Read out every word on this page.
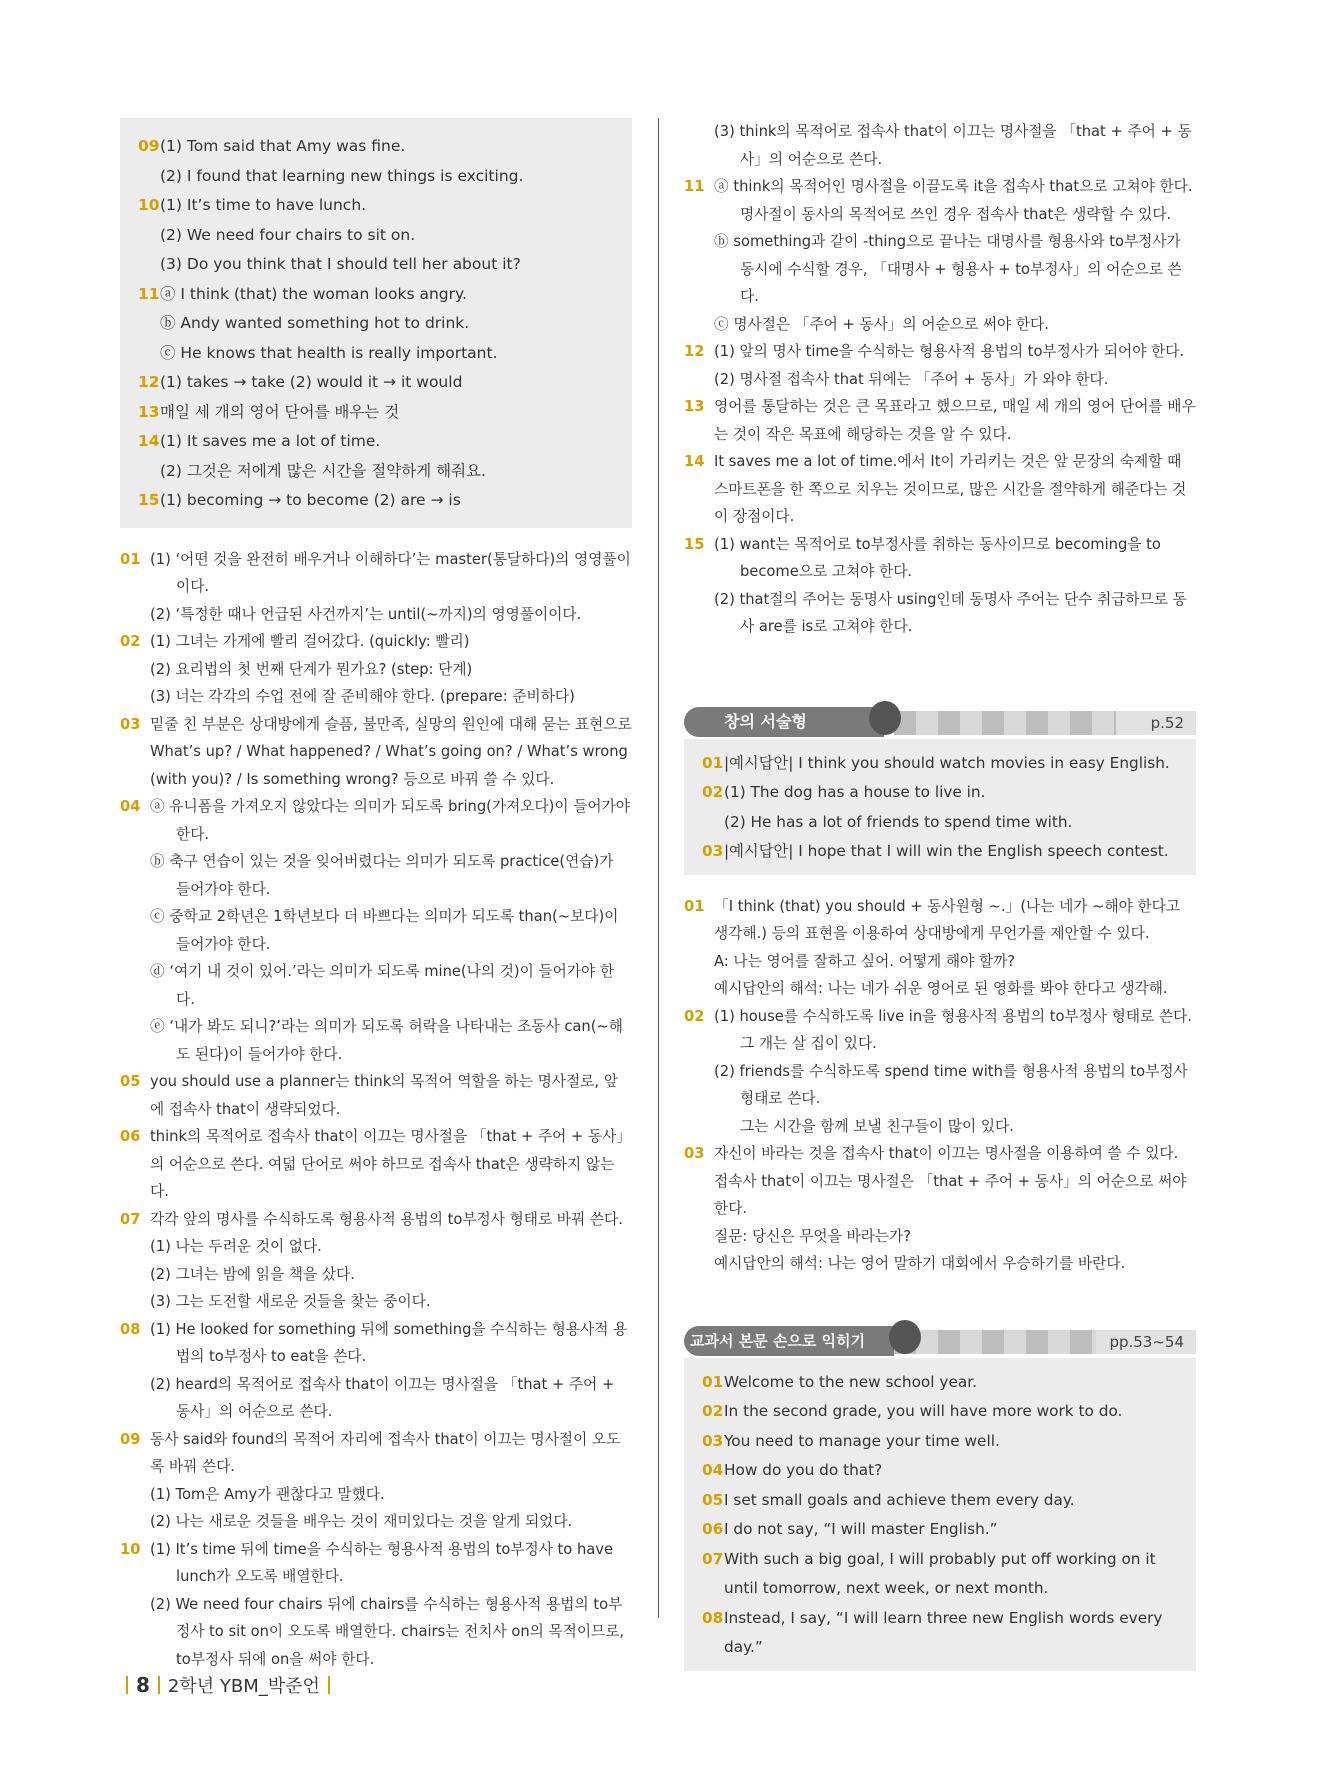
09 (1) Tom said that Amy was fine.
(2) I found that learning new things is exciting.
10 (1) It’s time to have lunch.
(2) We need four chairs to sit on.
(3) Do you think that I should tell her about it?
11 ⓐ I think (that) the woman looks angry.
ⓑ Andy wanted something hot to drink.
ⓒ He knows that health is really important.
12 (1) takes → take (2) would it → it would
13 매일 세 개의 영어 단어를 배우는 것
14 (1) It saves me a lot of time.
(2) 그것은 저에게 많은 시간을 절약하게 해줘요.
15 (1) becoming → to become (2) are → is
01 (1) ‘어떤 것을 완전히 배우거나 이해하다’는 master(통달하다)의 영영풀이이다.

(2) ‘특정한 때나 언급된 사건까지’는 until(~까지)의 영영풀이이다.

02 (1) 그녀는 가게에 빨리 걸어갔다. (quickly: 빨리)

(2) 요리법의 첫 번째 단계가 뭔가요? (step: 단계)

(3) 너는 각각의 수업 전에 잘 준비해야 한다. (prepare: 준비하다)

03 밑줄 친 부분은 상대방에게 슬픔, 불만족, 실망의 원인에 대해 묻는 표현으로 What’s up? / What happened? / What’s going on? / What’s wrong (with you)? / Is something wrong? 등으로 바꿔 쓸 수 있다.

04 ⓐ 유니폼을 가져오지 않았다는 의미가 되도록 bring(가져오다)이 들어가야 한다.

ⓑ 축구 연습이 있는 것을 잊어버렸다는 의미가 되도록 practice(연습)가 들어가야 한다.

ⓒ 중학교 2학년은 1학년보다 더 바쁘다는 의미가 되도록 than(~보다)이 들어가야 한다.

ⓓ ‘여기 내 것이 있어.’라는 의미가 되도록 mine(나의 것)이 들어가야 한다.

ⓔ ‘내가 봐도 되니?’라는 의미가 되도록 허락을 나타내는 조동사 can(~해도 된다)이 들어가야 한다.

05 you should use a planner는 think의 목적어 역할을 하는 명사절로, 앞에 접속사 that이 생략되었다.

06 think의 목적어로 접속사 that이 이끄는 명사절을 「that + 주어 + 동사」의 어순으로 쓴다. 여덟 단어로 써야 하므로 접속사 that은 생략하지 않는다.

07 각각 앞의 명사를 수식하도록 형용사적 용법의 to부정사 형태로 바꿔 쓴다.

(1) 나는 두려운 것이 없다.

(2) 그녀는 밤에 읽을 책을 샀다.

(3) 그는 도전할 새로운 것들을 찾는 중이다.

08 (1) He looked for something 뒤에 something을 수식하는 형용사적 용법의 to부정사 to eat을 쓴다.

(2) heard의 목적어로 접속사 that이 이끄는 명사절을 「that + 주어 + 동사」의 어순으로 쓴다.

09 동사 said와 found의 목적어 자리에 접속사 that이 이끄는 명사절이 오도록 바꿔 쓴다.

(1) Tom은 Amy가 괜찮다고 말했다.

(2) 나는 새로운 것들을 배우는 것이 재미있다는 것을 알게 되었다.

10 (1) It’s time 뒤에 time을 수식하는 형용사적 용법의 to부정사 to have lunch가 오도록 배열한다.

(2) We need four chairs 뒤에 chairs를 수식하는 형용사적 용법의 to부정사 to sit on이 오도록 배열한다. chairs는 전치사 on의 목적이므로, to부정사 뒤에 on을 써야 한다.

(3) think의 목적어로 접속사 that이 이끄는 명사절을 「that + 주어 + 동사」의 어순으로 쓴다.

11 ⓐ think의 목적어인 명사절을 이끌도록 it을 접속사 that으로 고쳐야 한다. 명사절이 동사의 목적어로 쓰인 경우 접속사 that은 생략할 수 있다.

ⓑ something과 같이 -thing으로 끝나는 대명사를 형용사와 to부정사가 동시에 수식할 경우, 「대명사 + 형용사 + to부정사」의 어순으로 쓴다.

ⓒ 명사절은 「주어 + 동사」의 어순으로 써야 한다.

12 (1) 앞의 명사 time을 수식하는 형용사적 용법의 to부정사가 되어야 한다.

(2) 명사절 접속사 that 뒤에는 「주어 + 동사」가 와야 한다.

13 영어를 통달하는 것은 큰 목표라고 했으므로, 매일 세 개의 영어 단어를 배우는 것이 작은 목표에 해당하는 것을 알 수 있다.

14 It saves me a lot of time.에서 It이 가리키는 것은 앞 문장의 숙제할 때 스마트폰을 한 쪽으로 치우는 것이므로, 많은 시간을 절약하게 해준다는 것이 장점이다.

15 (1) want는 목적어로 to부정사를 취하는 동사이므로 becoming을 to become으로 고쳐야 한다.

(2) that절의 주어는 동명사 using인데 동명사 주어는 단수 취급하므로 동사 are를 is로 고쳐야 한다.

창의 서술형	p.52
01 |예시답안| I think you should watch movies in easy English.
02 (1) The dog has a house to live in.
(2) He has a lot of friends to spend time with.
03 |예시답안| I hope that I will win the English speech contest.
01 「I think (that) you should + 동사원형 ~.」(나는 네가 ~해야 한다고 생각해.) 등의 표현을 이용하여 상대방에게 무언가를 제안할 수 있다.

A: 나는 영어를 잘하고 싶어. 어떻게 해야 할까?

예시답안의 해석: 나는 네가 쉬운 영어로 된 영화를 봐야 한다고 생각해.

02 (1) house를 수식하도록 live in을 형용사적 용법의 to부정사 형태로 쓴다.

그 개는 살 집이 있다.

(2) friends를 수식하도록 spend time with를 형용사적 용법의 to부정사 형태로 쓴다.

그는 시간을 함께 보낼 친구들이 많이 있다.

03 자신이 바라는 것을 접속사 that이 이끄는 명사절을 이용하여 쓸 수 있다. 접속사 that이 이끄는 명사절은 「that + 주어 + 동사」의 어순으로 써야 한다.

질문: 당신은 무엇을 바라는가?

예시답안의 해석: 나는 영어 말하기 대회에서 우승하기를 바란다.

교과서 본문 손으로 익히기	pp.53~54
01 Welcome to the new school year.
02 In the second grade, you will have more work to do.
03 You need to manage your time well.
04 How do you do that?
05 I set small goals and achieve them every day.
06 I do not say, “I will master English.”
07 With such a big goal, I will probably put off working on it until tomorrow, next week, or next month.
08 Instead, I say, “I will learn three new English words every day.”
8 2학년 YBM_박준언
